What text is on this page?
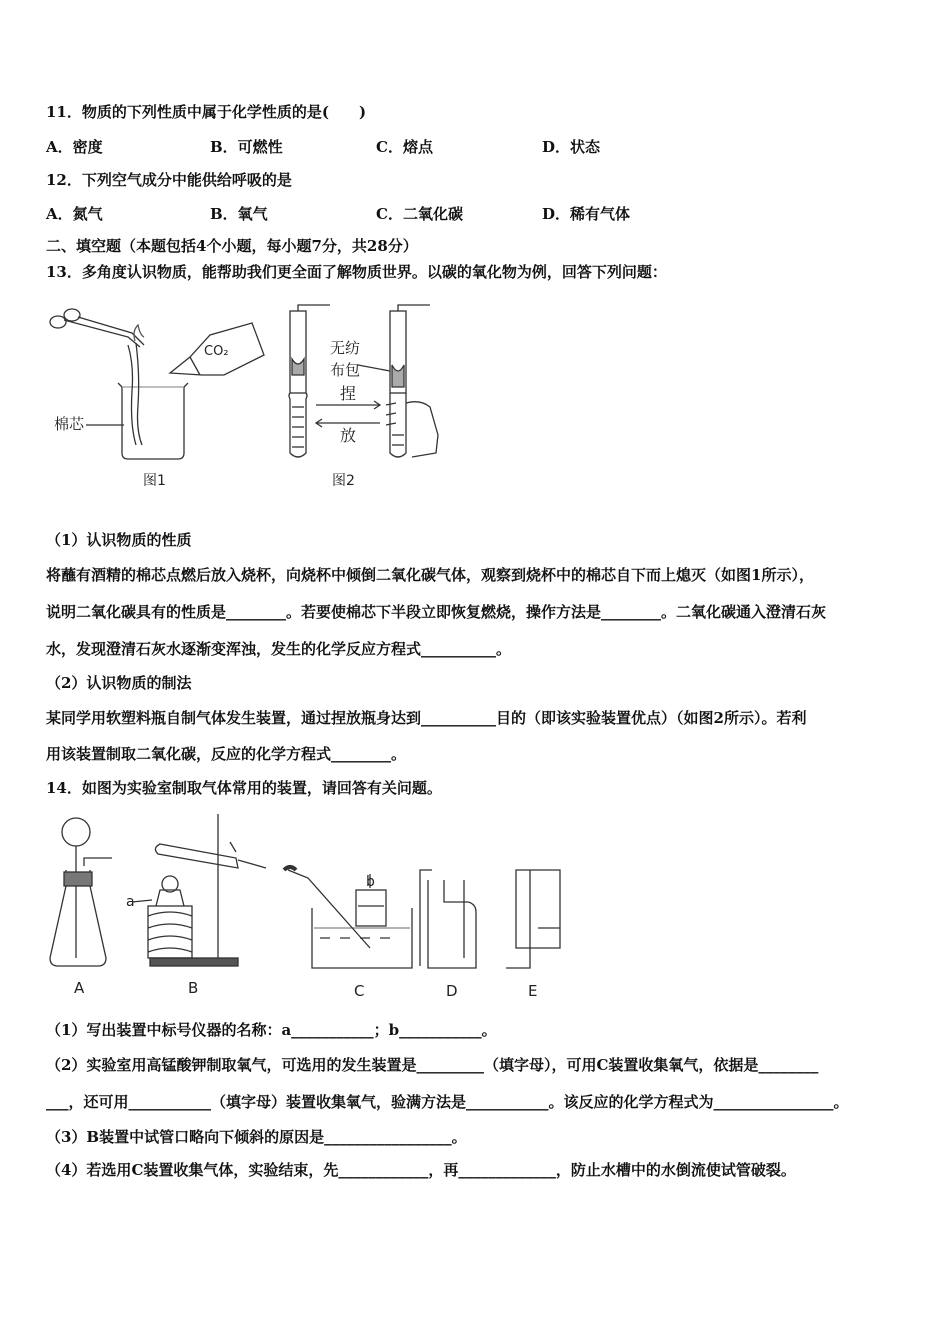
11．物质的下列性质中属于化学性质的是(　　)
A．密度	B．可燃性	C．熔点	D．状态
12．下列空气成分中能供给呼吸的是
A．氮气	B．氧气	C．二氧化碳	D．稀有气体
二、填空题（本题包括4个小题，每小题7分，共28分）
13．多角度认识物质，能帮助我们更全面了解物质世界。以碳的氧化物为例，回答下列问题：
CO₂
棉芯
图1
无纺
布包
捏
放
图2
（1）认识物质的性质
将蘸有酒精的棉芯点燃后放入烧杯，向烧杯中倾倒二氧化碳气体，观察到烧杯中的棉芯自下而上熄灭（如图1所示），
说明二氧化碳具有的性质是________。若要使棉芯下半段立即恢复燃烧，操作方法是________。二氧化碳通入澄清石灰
水，发现澄清石灰水逐渐变浑浊，发生的化学反应方程式__________。
（2）认识物质的制法
某同学用软塑料瓶自制气体发生装置，通过捏放瓶身达到__________目的（即该实验装置优点）（如图2所示）。若利
用该装置制取二氧化碳，反应的化学方程式________。
14．如图为实验室制取气体常用的装置，请回答有关问题。
a
b
A	B	C	D	E
（1）写出装置中标号仪器的名称：a___________；b___________。
（2）实验室用高锰酸钾制取氧气，可选用的发生装置是_________（填字母），可用C装置收集氧气，依据是________
___，还可用___________（填字母）装置收集氧气，验满方法是___________。该反应的化学方程式为________________。
（3）B装置中试管口略向下倾斜的原因是_________________。
（4）若选用C装置收集气体，实验结束，先____________，再_____________，防止水槽中的水倒流使试管破裂。
